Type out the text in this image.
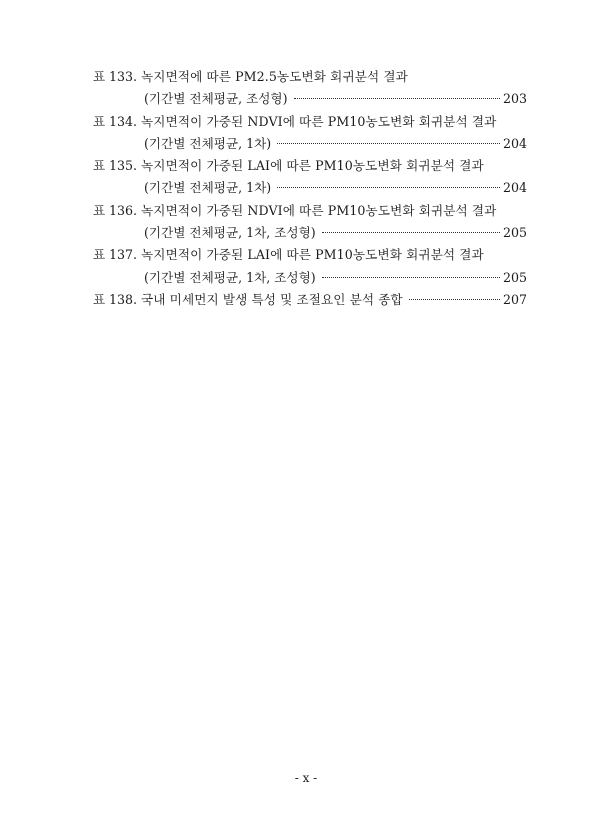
표 133. 녹지면적에 따른 PM2.5농도변화 회귀분석 결과
(기간별 전체평균, 조성형)	203
표 134. 녹지면적이 가중된 NDVI에 따른 PM10농도변화 회귀분석 결과
(기간별 전체평균, 1차)	204
표 135. 녹지면적이 가중된 LAI에 따른 PM10농도변화 회귀분석 결과
(기간별 전체평균, 1차)	204
표 136. 녹지면적이 가중된 NDVI에 따른 PM10농도변화 회귀분석 결과
(기간별 전체평균, 1차, 조성형)	205
표 137. 녹지면적이 가중된 LAI에 따른 PM10농도변화 회귀분석 결과
(기간별 전체평균, 1차, 조성형)	205
표 138. 국내 미세먼지 발생 특성 및 조절요인 분석 종합	207
- x -
